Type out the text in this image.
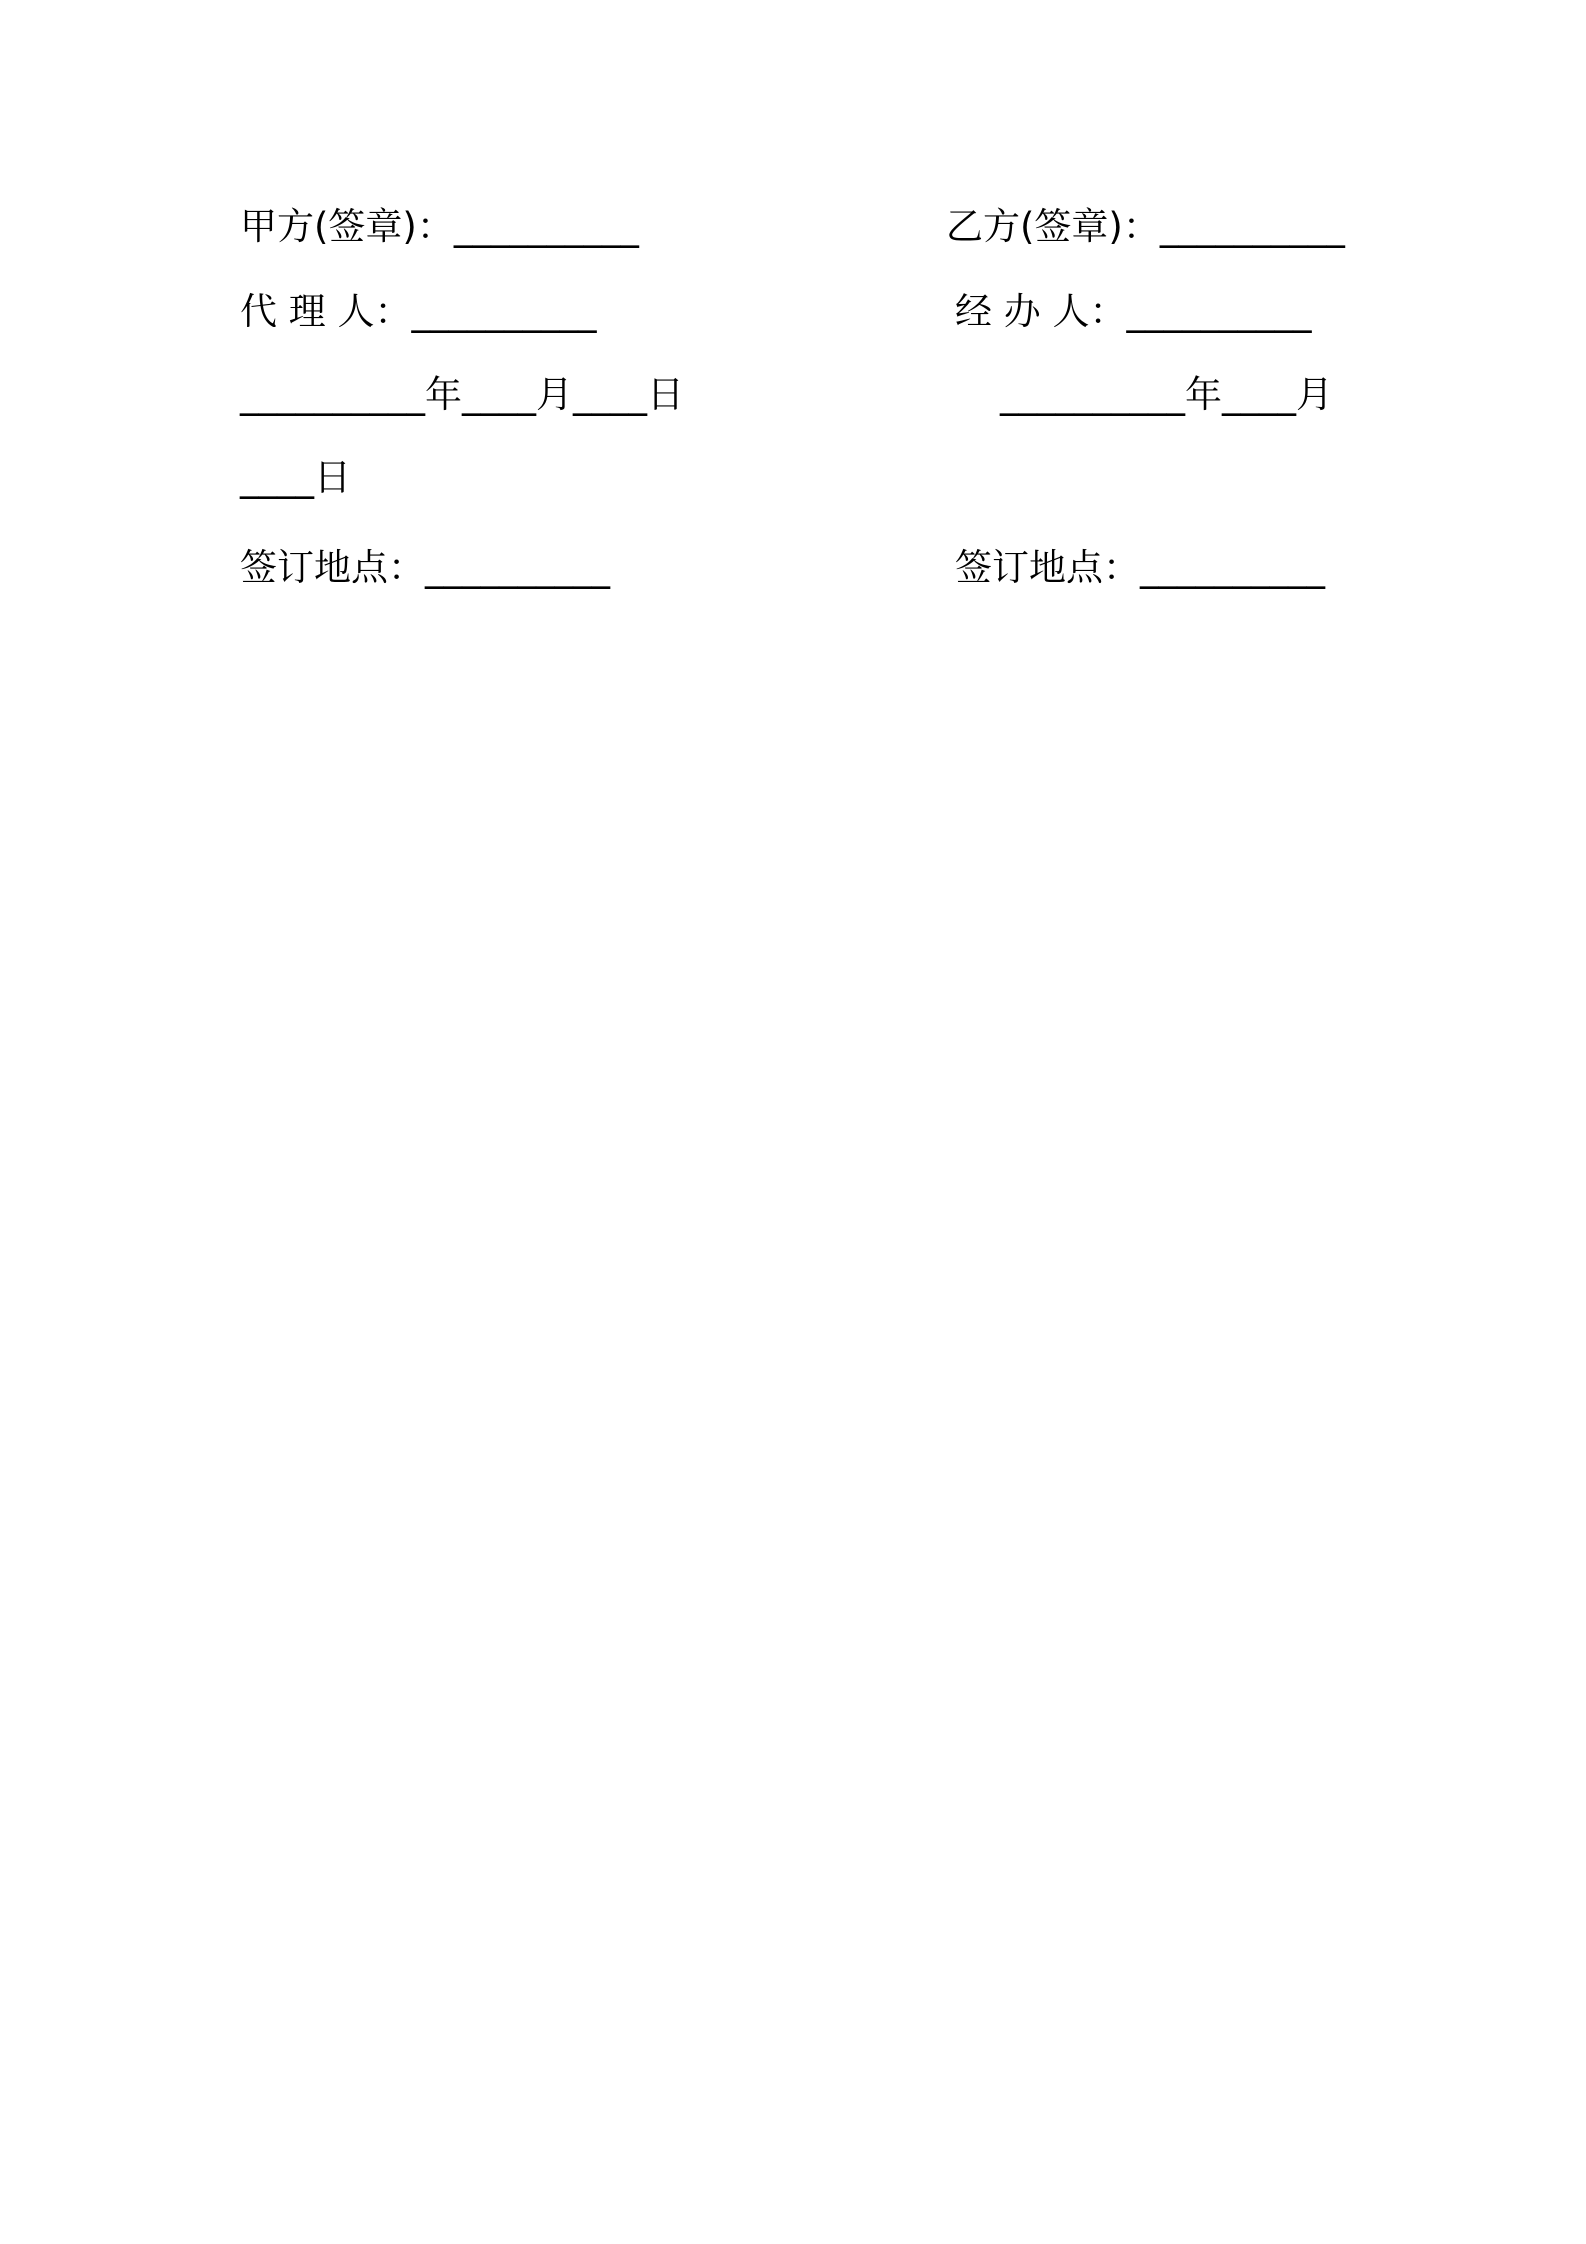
甲方(签章)：__________	乙方(签章)：__________
代 理 人：__________	经 办 人：__________
__________年____月____日	__________年____月
____日
签订地点：__________	签订地点：__________
